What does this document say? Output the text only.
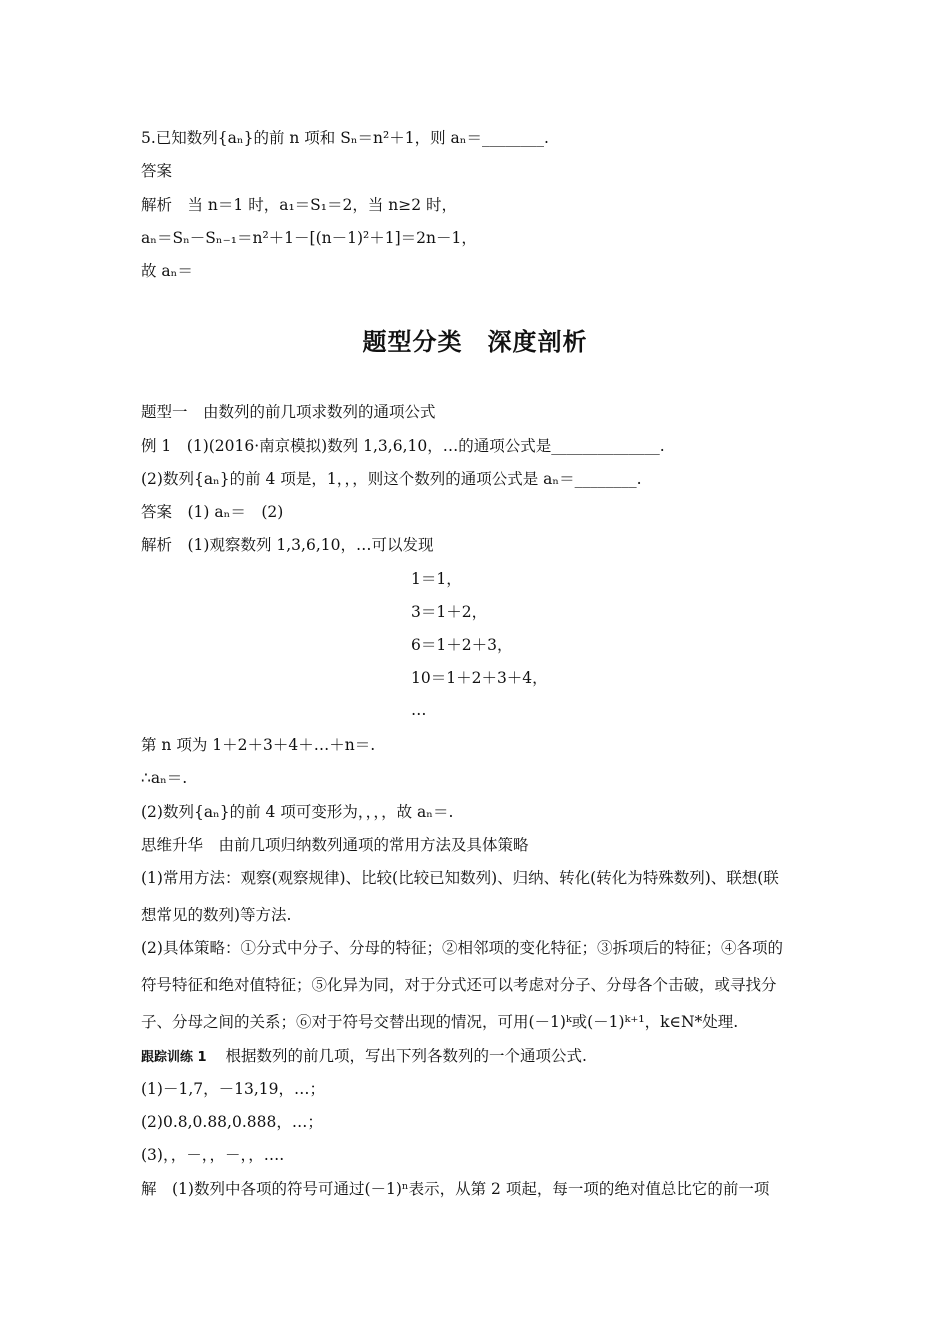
5.已知数列{aₙ}的前 n 项和 Sₙ＝n²＋1，则 aₙ＝________.
答案
解析　当 n＝1 时，a₁＝S₁＝2，当 n≥2 时，
aₙ＝Sₙ－Sₙ₋₁＝n²＋1－[(n－1)²＋1]＝2n－1，
故 aₙ＝
题型分类　深度剖析
题型一　由数列的前几项求数列的通项公式
例 1　(1)(2016·南京模拟)数列 1,3,6,10，…的通项公式是______________.
(2)数列{aₙ}的前 4 项是，1，，，则这个数列的通项公式是 aₙ＝________.
答案　(1) aₙ＝　(2)
解析　(1)观察数列 1,3,6,10，…可以发现
1＝1，
3＝1＋2，
6＝1＋2＋3，
10＝1＋2＋3＋4，
…
第 n 项为 1＋2＋3＋4＋…＋n＝.
∴aₙ＝.
(2)数列{aₙ}的前 4 项可变形为，，，，故 aₙ＝.
思维升华　由前几项归纳数列通项的常用方法及具体策略
(1)常用方法：观察(观察规律)、比较(比较已知数列)、归纳、转化(转化为特殊数列)、联想(联
想常见的数列)等方法.
(2)具体策略：①分式中分子、分母的特征；②相邻项的变化特征；③拆项后的特征；④各项的
符号特征和绝对值特征；⑤化异为同，对于分式还可以考虑对分子、分母各个击破，或寻找分
子、分母之间的关系；⑥对于符号交替出现的情况，可用(－1)ᵏ或(－1)ᵏ⁺¹，k∈N*处理.
跟踪训练 1 根据数列的前几项，写出下列各数列的一个通项公式.
(1)－1,7，－13,19，…；
(2)0.8,0.88,0.888，…；
(3)，，－，，－，，….
解　(1)数列中各项的符号可通过(－1)ⁿ表示，从第 2 项起，每一项的绝对值总比它的前一项
